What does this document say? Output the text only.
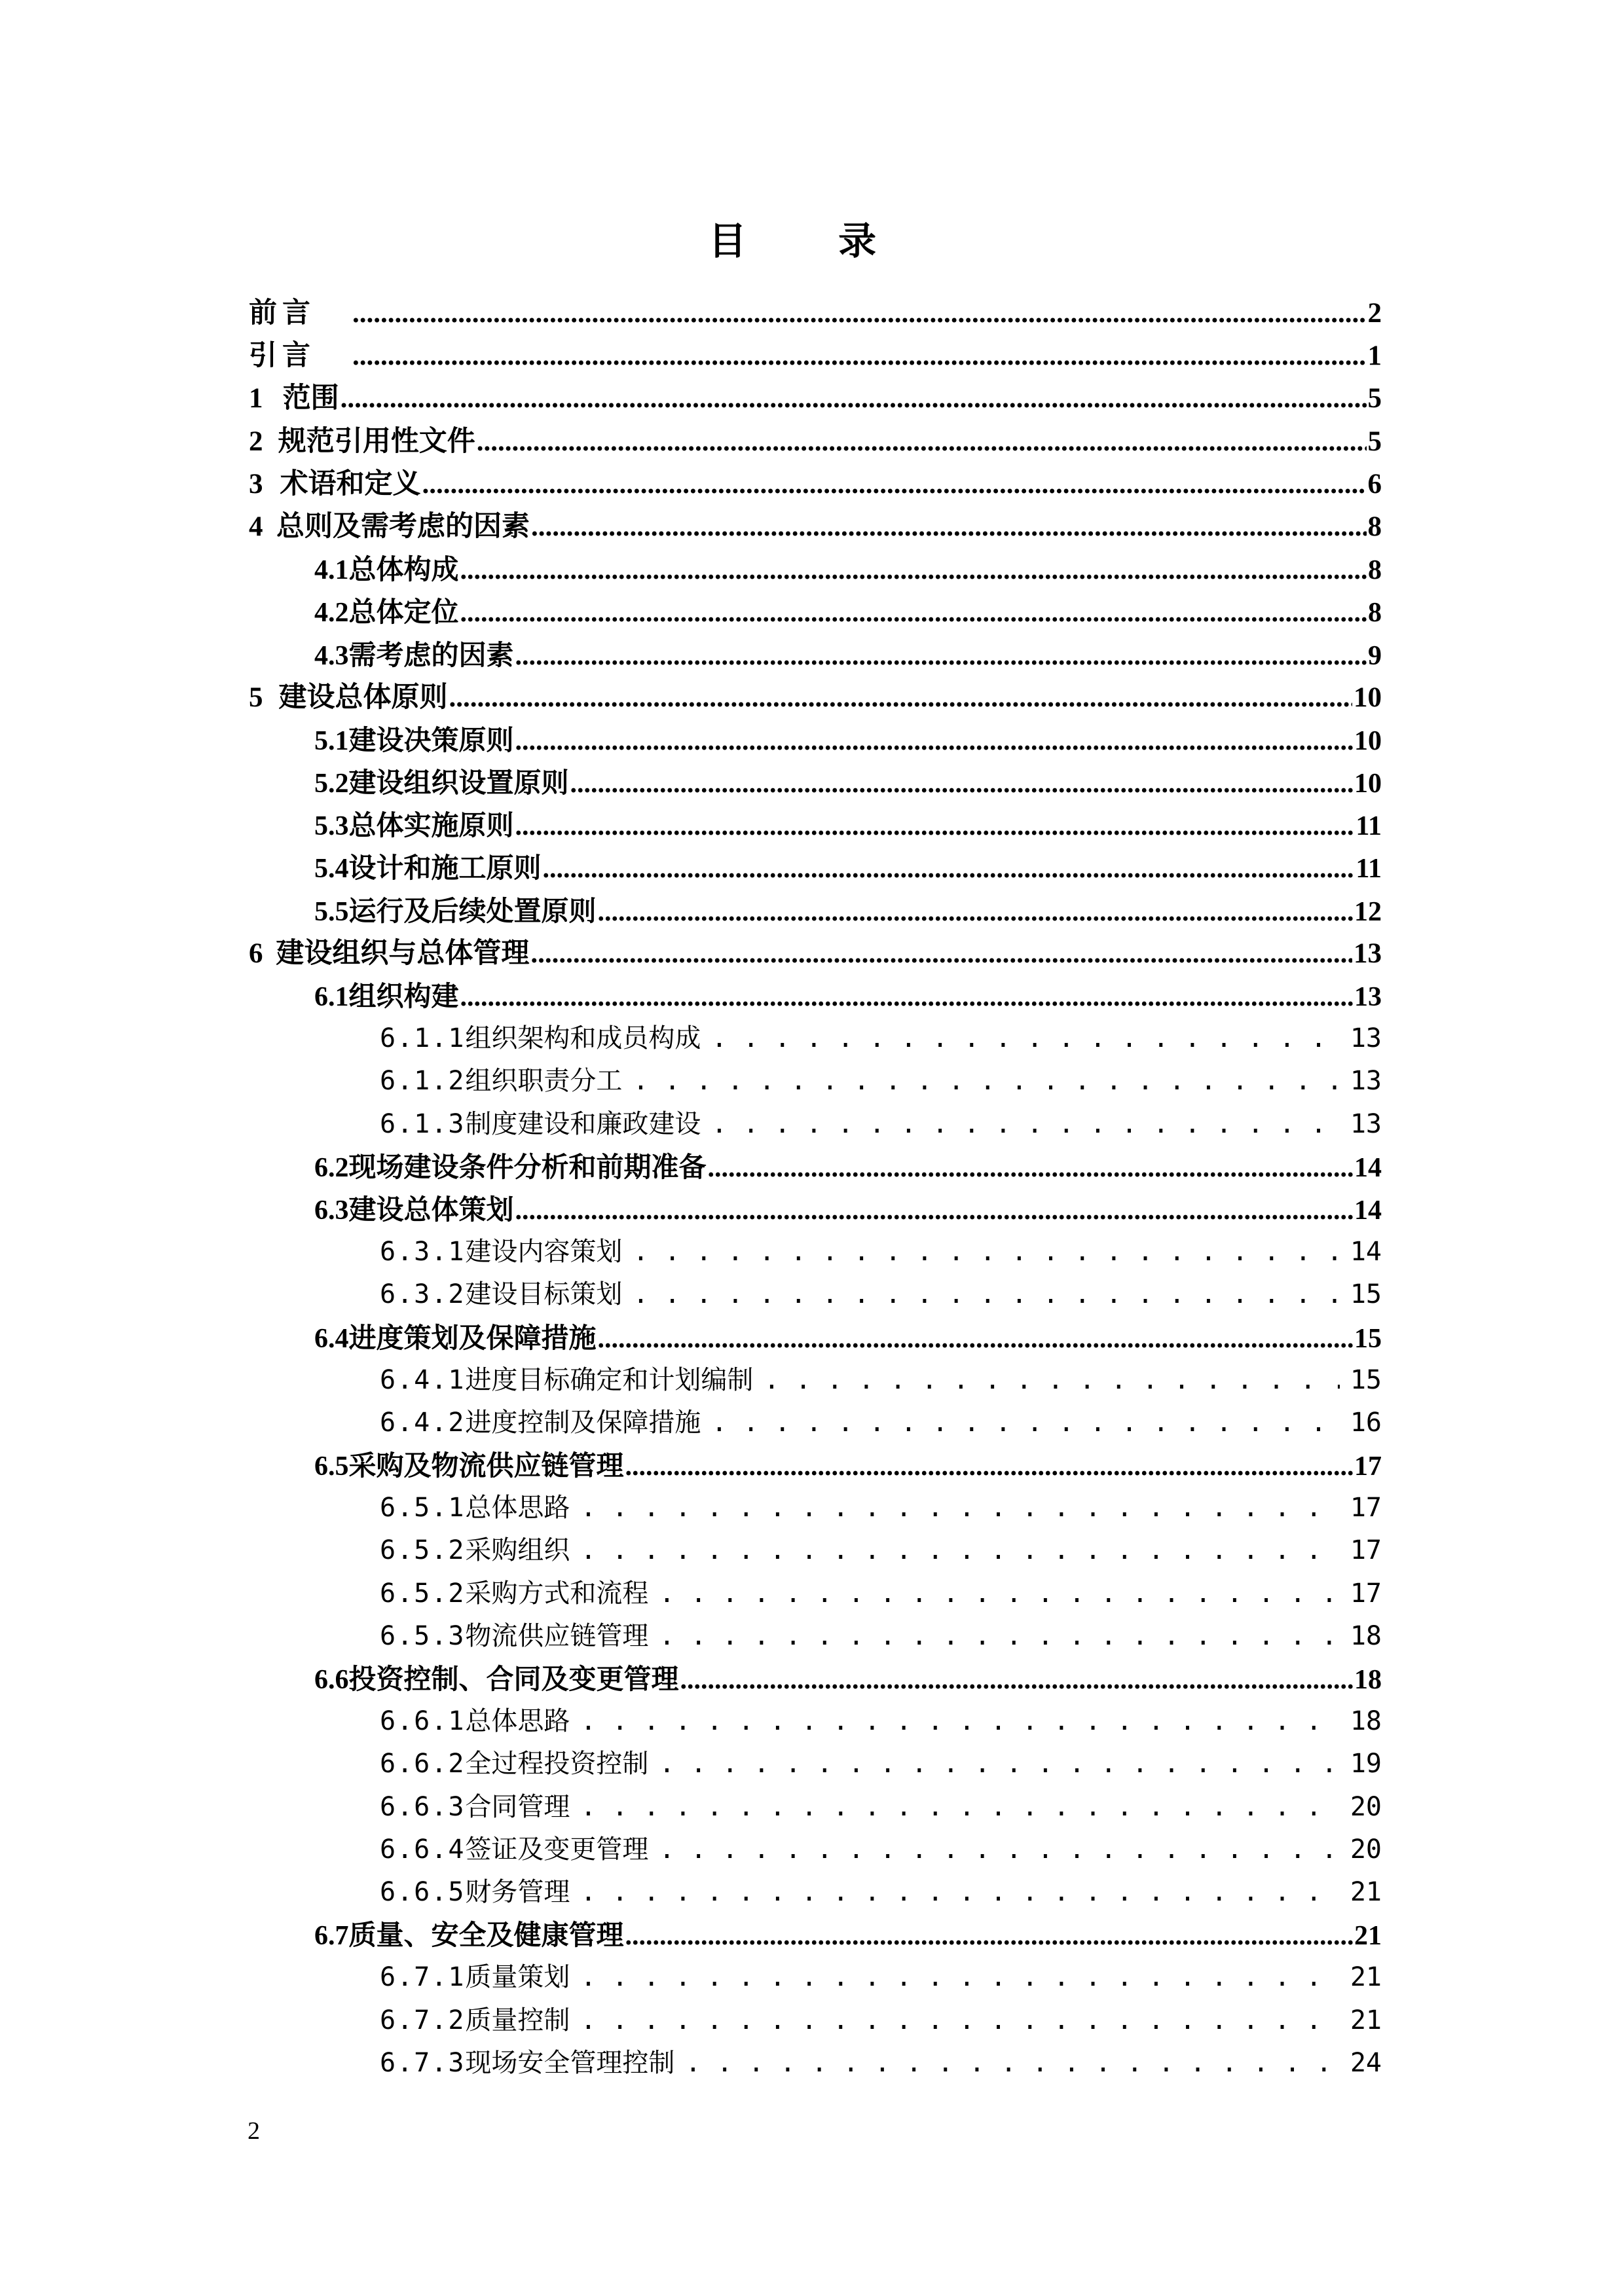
目 录
前 言 .....	2
引 言 .....	1
1 范围 .....	5
2 规范引用性文件 .....	5
3 术语和定义 .....	6
4 总则及需考虑的因素 .....	8
4.1 总体构成 .....	8
4.2 总体定位 .....	8
4.3 需考虑的因素 .....	9
5 建设总体原则 .....	10
5.1 建设决策原则 .....	10
5.2 建设组织设置原则 .....	10
5.3 总体实施原则 .....	11
5.4 设计和施工原则 .....	11
5.5 运行及后续处置原则 .....	12
6 建设组织与总体管理 .....	13
6.1 组织构建 .....	13
6.1.1 组织架构和成员构成 . . .	13
6.1.2 组织职责分工 . . .	13
6.1.3 制度建设和廉政建设 . . .	13
6.2 现场建设条件分析和前期准备 .....	14
6.3 建设总体策划 .....	14
6.3.1 建设内容策划 . . .	14
6.3.2 建设目标策划 . . .	15
6.4 进度策划及保障措施 .....	15
6.4.1 进度目标确定和计划编制 . . .	15
6.4.2 进度控制及保障措施 . . .	16
6.5 采购及物流供应链管理 .....	17
6.5.1 总体思路 . . .	17
6.5.2 采购组织 . . .	17
6.5.2 采购方式和流程 . . .	17
6.5.3 物流供应链管理 . . .	18
6.6 投资控制、合同及变更管理 .....	18
6.6.1 总体思路 . . .	18
6.6.2 全过程投资控制 . . .	19
6.6.3 合同管理 . . .	20
6.6.4 签证及变更管理 . . .	20
6.6.5 财务管理 . . .	21
6.7 质量、安全及健康管理 .....	21
6.7.1 质量策划 . . .	21
6.7.2 质量控制 . . .	21
6.7.3 现场安全管理控制 . . .	24
2
